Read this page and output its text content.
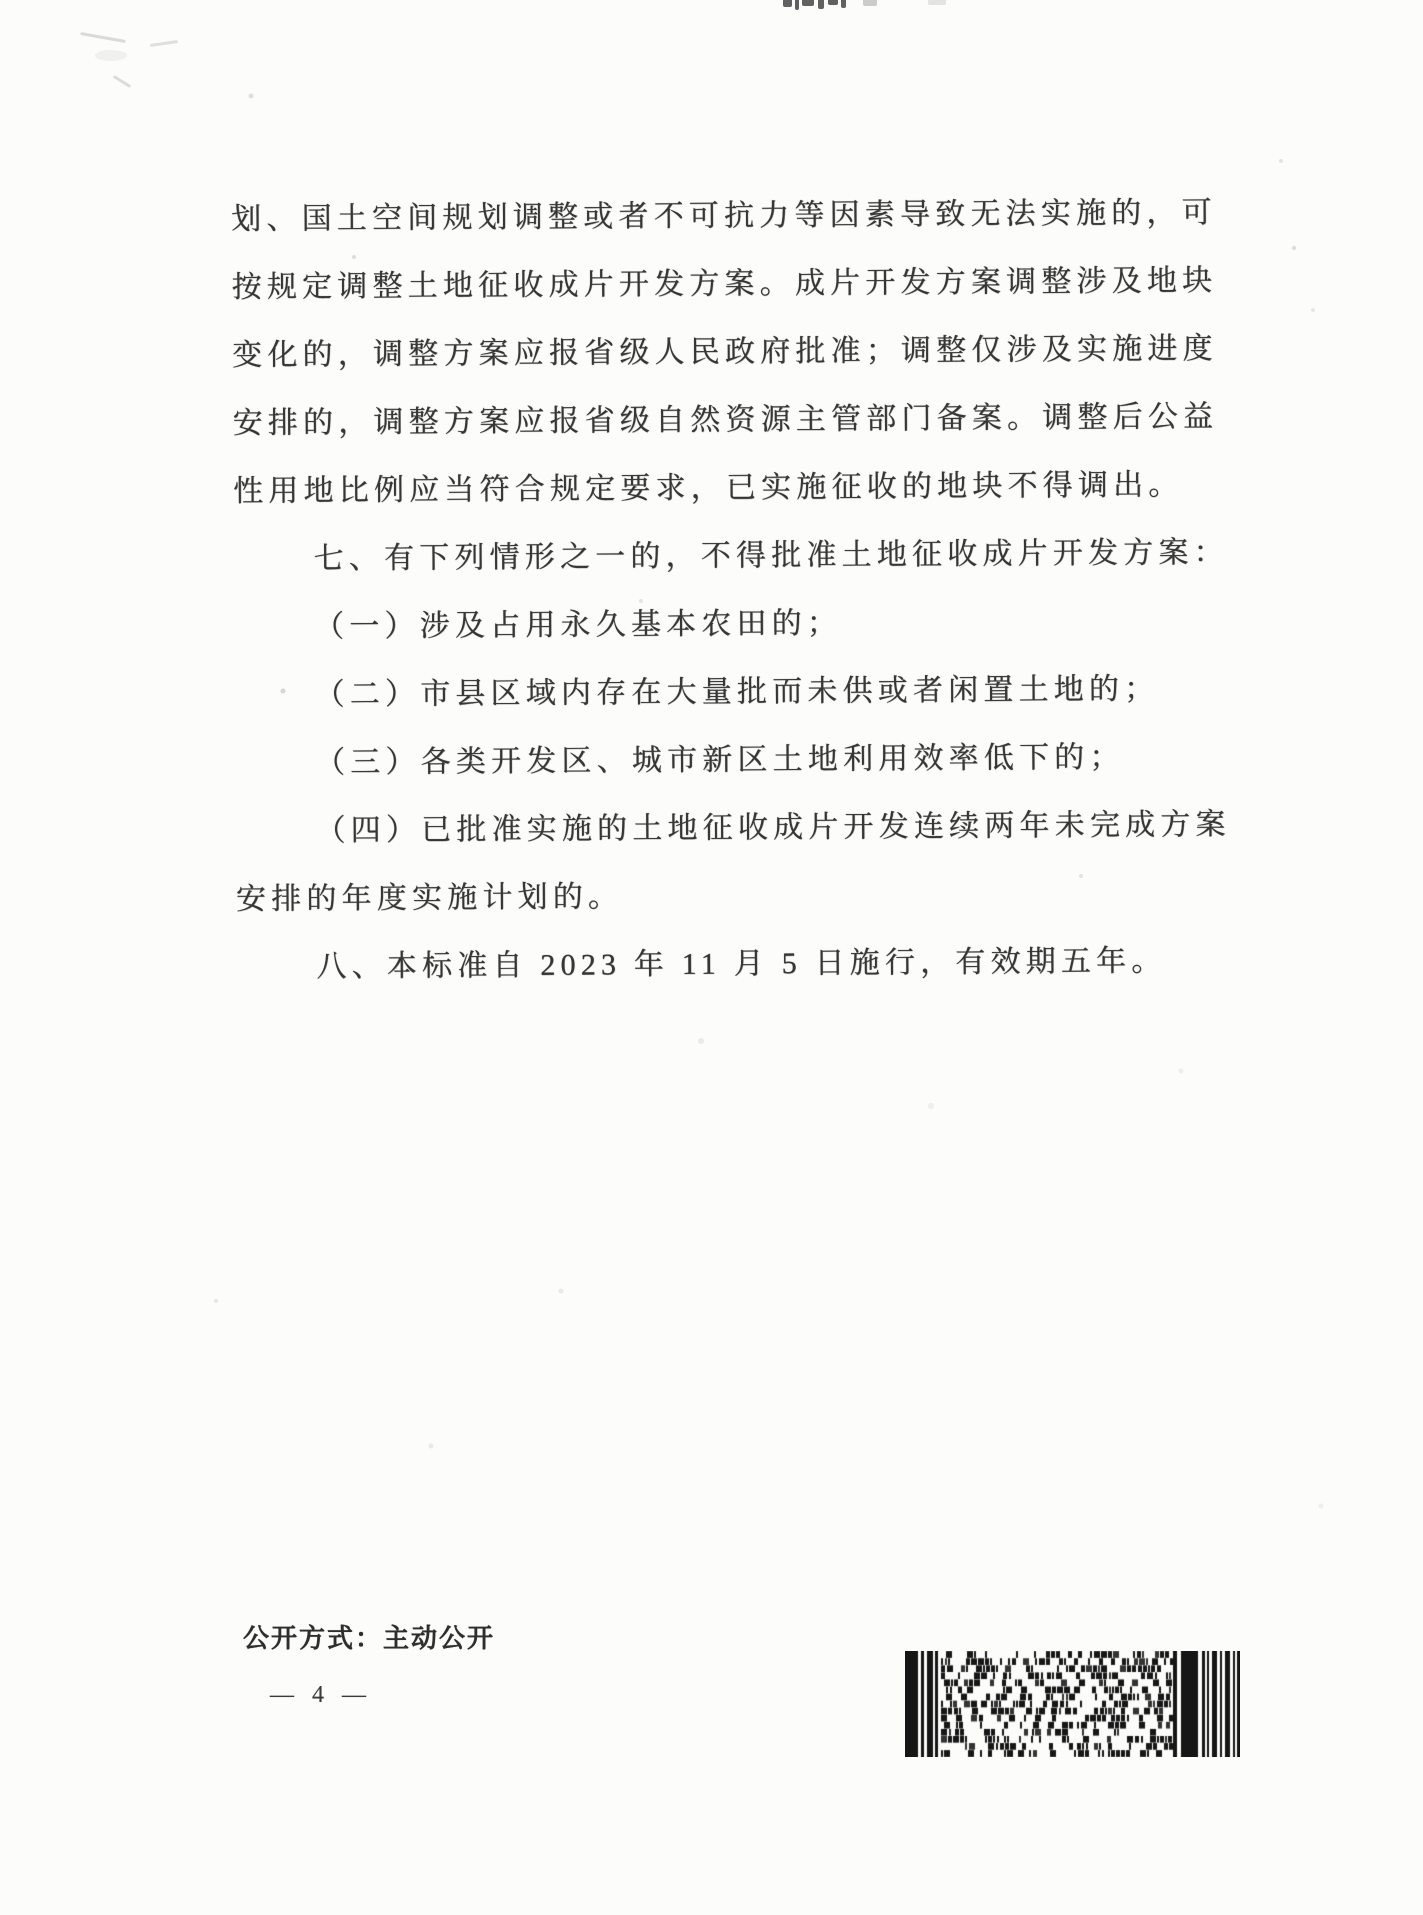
划、国土空间规划调整或者不可抗力等因素导致无法实施的，可
按规定调整土地征收成片开发方案。成片开发方案调整涉及地块
变化的，调整方案应报省级人民政府批准；调整仅涉及实施进度
安排的，调整方案应报省级自然资源主管部门备案。调整后公益
性用地比例应当符合规定要求，已实施征收的地块不得调出。
七、有下列情形之一的，不得批准土地征收成片开发方案：
（一）涉及占用永久基本农田的；
（二）市县区域内存在大量批而未供或者闲置土地的；
（三）各类开发区、城市新区土地利用效率低下的；
（四）已批准实施的土地征收成片开发连续两年未完成方案
安排的年度实施计划的。
八、本标准自 2023 年 11 月 5 日施行，有效期五年。
公开方式：主动公开
— 4 —
